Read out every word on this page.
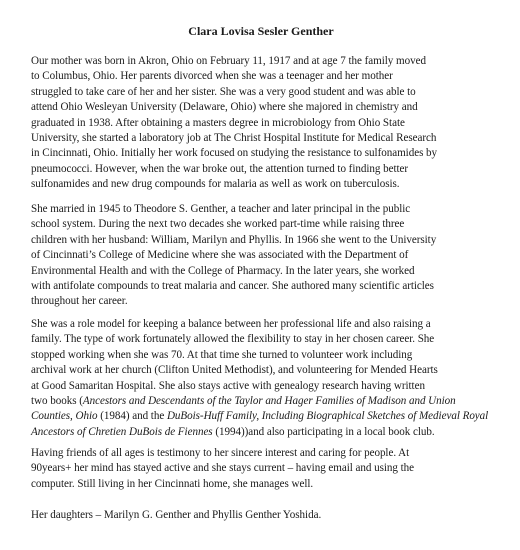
Clara Lovisa Sesler Genther

Our mother was born in Akron, Ohio on February 11, 1917 and at age 7 the family moved
to Columbus, Ohio. Her parents divorced when she was a teenager and her mother
struggled to take care of her and her sister. She was a very good student and was able to
attend Ohio Wesleyan University (Delaware, Ohio) where she majored in chemistry and
graduated in 1938. After obtaining a masters degree in microbiology from Ohio State
University, she started a laboratory job at The Christ Hospital Institute for Medical Research
in Cincinnati, Ohio. Initially her work focused on studying the resistance to sulfonamides by
pneumococci. However, when the war broke out, the attention turned to finding better
sulfonamides and new drug compounds for malaria as well as work on tuberculosis.

She married in 1945 to Theodore S. Genther, a teacher and later principal in the public
school system. During the next two decades she worked part-time while raising three
children with her husband: William, Marilyn and Phyllis. In 1966 she went to the University
of Cincinnati’s College of Medicine where she was associated with the Department of
Environmental Health and with the College of Pharmacy. In the later years, she worked
with antifolate compounds to treat malaria and cancer. She authored many scientific articles
throughout her career.

She was a role model for keeping a balance between her professional life and also raising a
family. The type of work fortunately allowed the flexibility to stay in her chosen career. She
stopped working when she was 70. At that time she turned to volunteer work including
archival work at her church (Clifton United Methodist), and volunteering for Mended Hearts
at Good Samaritan Hospital. She also stays active with genealogy research having written
two books (Ancestors and Descendants of the Taylor and Hager Families of Madison and Union
Counties, Ohio (1984) and the DuBois-Huff Family, Including Biographical Sketches of Medieval Royal
Ancestors of Chretien DuBois de Fiennes (1994))and also participating in a local book club.

Having friends of all ages is testimony to her sincere interest and caring for people. At
90years+ her mind has stayed active and she stays current – having email and using the
computer. Still living in her Cincinnati home, she manages well.

Her daughters – Marilyn G. Genther and Phyllis Genther Yoshida.
